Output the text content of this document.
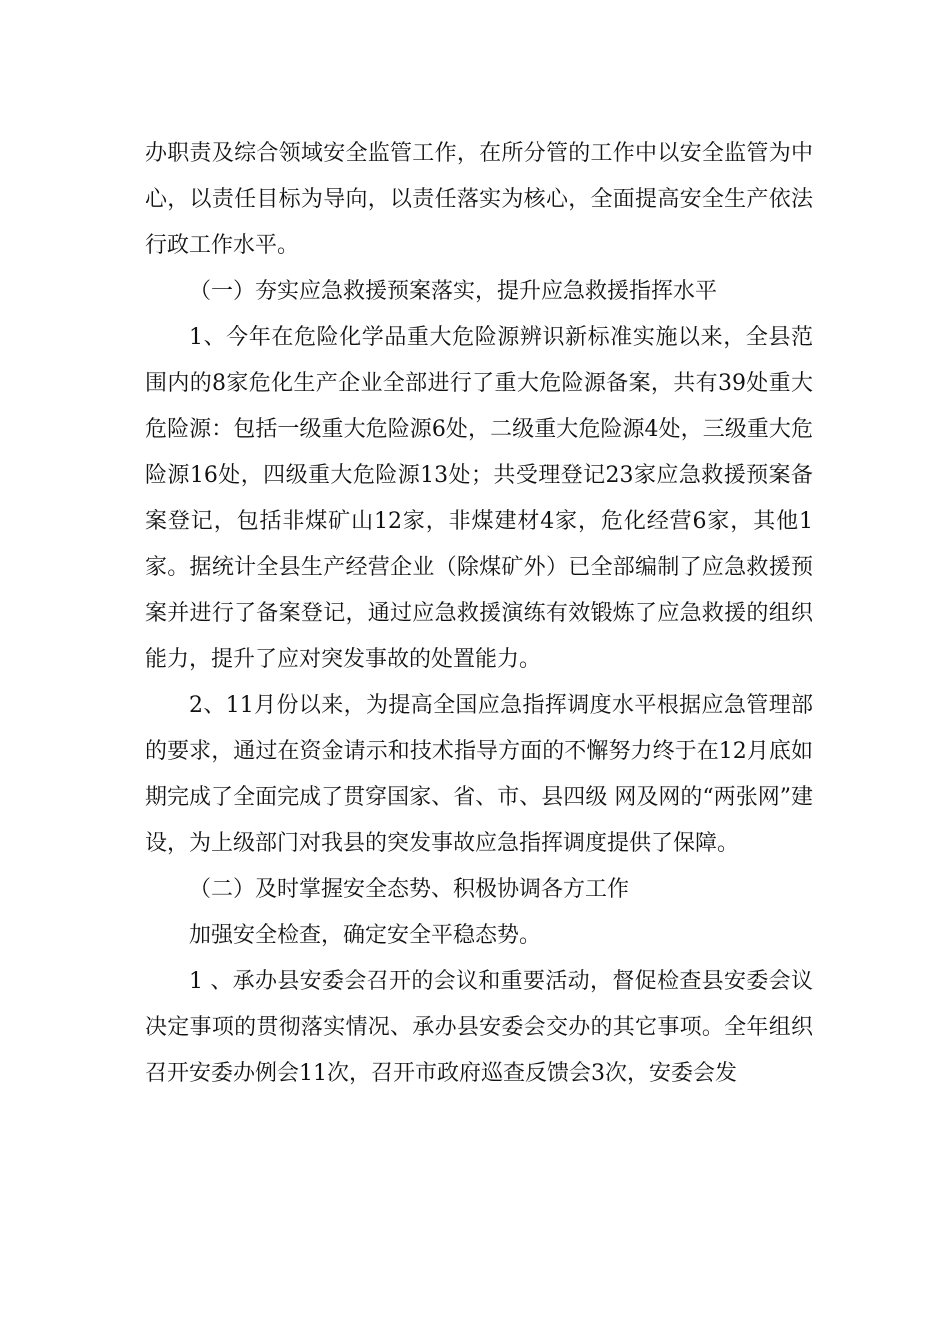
办职责及综合领域安全监管工作，在所分管的工作中以安全监管为中心，以责任目标为导向，以责任落实为核心，全面提高安全生产依法行政工作水平。

（一）夯实应急救援预案落实，提升应急救援指挥水平

1、今年在危险化学品重大危险源辨识新标准实施以来，全县范围内的8家危化生产企业全部进行了重大危险源备案，共有39处重大危险源：包括一级重大危险源6处，二级重大危险源4处，三级重大危险源16处，四级重大危险源13处；共受理登记23家应急救援预案备案登记，包括非煤矿山12家，非煤建材4家，危化经营6家，其他1家。据统计全县生产经营企业（除煤矿外）已全部编制了应急救援预案并进行了备案登记，通过应急救援演练有效锻炼了应急救援的组织能力，提升了应对突发事故的处置能力。

2、11月份以来，为提高全国应急指挥调度水平根据应急管理部的要求，通过在资金请示和技术指导方面的不懈努力终于在12月底如期完成了全面完成了贯穿国家、省、市、县四级 网及网的“两张网”建设，为上级部门对我县的突发事故应急指挥调度提供了保障。

（二）及时掌握安全态势、积极协调各方工作

加强安全检查，确定安全平稳态势。

1 、承办县安委会召开的会议和重要活动，督促检查县安委会议决定事项的贯彻落实情况、承办县安委会交办的其它事项。全年组织召开安委办例会11次，召开市政府巡查反馈会3次，安委会发
